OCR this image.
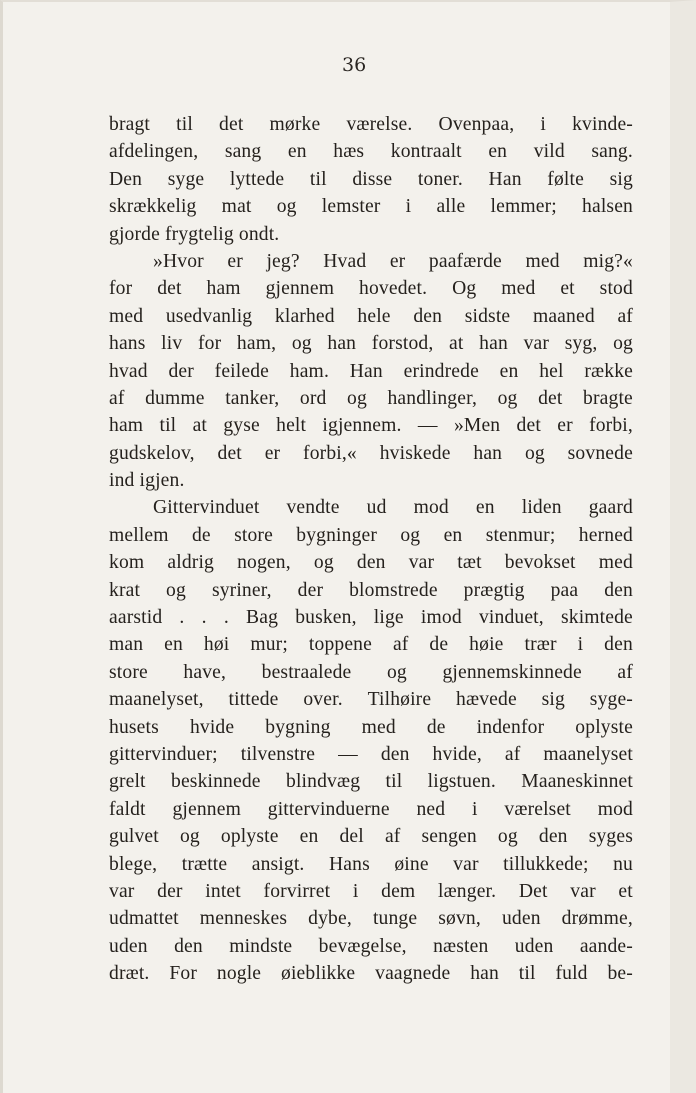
36
bragt til det mørke værelse. Ovenpaa, i kvinde-
afdelingen, sang en hæs kontraalt en vild sang.
Den syge lyttede til disse toner. Han følte sig
skrækkelig mat og lemster i alle lemmer; halsen
gjorde frygtelig ondt.
»Hvor er jeg? Hvad er paafærde med mig?«
for det ham gjennem hovedet. Og med et stod
med usedvanlig klarhed hele den sidste maaned af
hans liv for ham, og han forstod, at han var syg, og
hvad der feilede ham. Han erindrede en hel række
af dumme tanker, ord og handlinger, og det bragte
ham til at gyse helt igjennem. — »Men det er forbi,
gudskelov, det er forbi,« hviskede han og sovnede
ind igjen.
Gittervinduet vendte ud mod en liden gaard
mellem de store bygninger og en stenmur; herned
kom aldrig nogen, og den var tæt bevokset med
krat og syriner, der blomstrede prægtig paa den
aarstid . . . Bag busken, lige imod vinduet, skimtede
man en høi mur; toppene af de høie trær i den
store have, bestraalede og gjennemskinnede af
maanelyset, tittede over. Tilhøire hævede sig syge-
husets hvide bygning med de indenfor oplyste
gittervinduer; tilvenstre — den hvide, af maanelyset
grelt beskinnede blindvæg til ligstuen. Maaneskinnet
faldt gjennem gittervinduerne ned i værelset mod
gulvet og oplyste en del af sengen og den syges
blege, trætte ansigt. Hans øine var tillukkede; nu
var der intet forvirret i dem længer. Det var et
udmattet menneskes dybe, tunge søvn, uden drømme,
uden den mindste bevægelse, næsten uden aande-
dræt. For nogle øieblikke vaagnede han til fuld be-
